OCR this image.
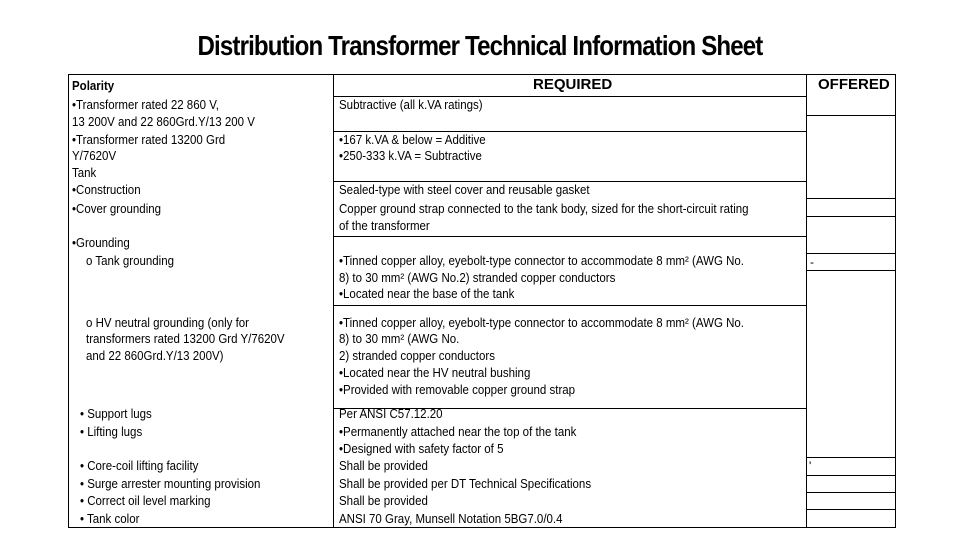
Distribution Transformer Technical Information Sheet
Polarity	REQUIRED	OFFERED
•Transformer rated 22 860 V,
13 200V and 22 860Grd.Y/13 200 V
•Transformer rated 13200 Grd
Y/7620V
Tank
•Construction
•Cover grounding
•Grounding
o Tank grounding
o HV neutral grounding (only for
transformers rated 13200 Grd Y/7620V
and 22 860Grd.Y/13 200V)
• Support lugs
• Lifting lugs
• Core-coil lifting facility
• Surge arrester mounting provision
• Correct oil level marking
• Tank color
Subtractive (all k.VA ratings)
•167 k.VA & below = Additive
•250-333 k.VA = Subtractive
Sealed-type with steel cover and reusable gasket
Copper ground strap connected to the tank body, sized for the short-circuit rating
of the transformer
•Tinned copper alloy, eyebolt-type connector to accommodate 8 mm² (AWG No.
8) to 30 mm² (AWG No.2) stranded copper conductors
•Located near the base of the tank
•Tinned copper alloy, eyebolt-type connector to accommodate 8 mm² (AWG No.
8) to 30 mm² (AWG No.
2) stranded copper conductors
•Located near the HV neutral bushing
•Provided with removable copper ground strap
Per ANSI C57.12.20
•Permanently attached near the top of the tank
•Designed with safety factor of 5
Shall be provided
Shall be provided per DT Technical Specifications
Shall be provided
ANSI 70 Gray, Munsell Notation 5BG7.0/0.4
-
'
